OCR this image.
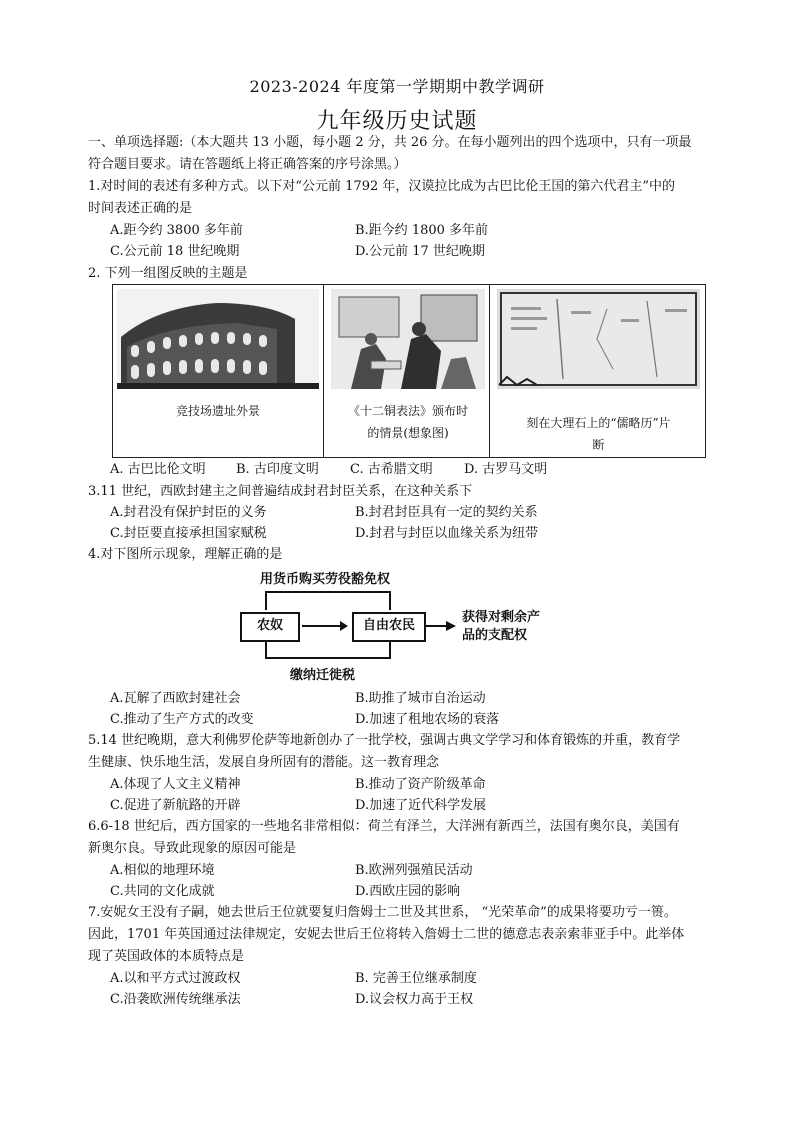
2023-2024 年度第一学期期中教学调研
九年级历史试题
一、单项选择题:（本大题共 13 小题，每小题 2 分，共 26 分。在每小题列出的四个选项中，只有一项最
符合题目要求。请在答题纸上将正确答案的序号涂黑。）
1.对时间的表述有多种方式。以下对“公元前 1792 年，汉谟拉比成为古巴比伦王国的第六代君主”中的
时间表述正确的是
A.距今约 3800 多年前	B.距今约 1800 多年前
C.公元前 18 世纪晚期	D.公元前 17 世纪晚期
2. 下列一组图反映的主题是
竞技场遗址外景	《十二铜表法》颁布时
的情景(想象图)
刻在大理石上的“儒略历”片
断
A. 古巴比伦文明 B. 古印度文明 C. 古希腊文明 D. 古罗马文明
3.11 世纪，西欧封建主之间普遍结成封君封臣关系，在这种关系下
A.封君没有保护封臣的义务	B.封君封臣具有一定的契约关系
C.封臣要直接承担国家赋税	D.封君与封臣以血缘关系为纽带
4.对下图所示现象，理解正确的是
用货币购买劳役豁免权
农奴	自由农民
获得对剩余产
品的支配权
缴纳迁徙税
A.瓦解了西欧封建社会	B.助推了城市自治运动
C.推动了生产方式的改变	D.加速了租地农场的衰落
5.14 世纪晚期，意大利佛罗伦萨等地新创办了一批学校，强调古典文学学习和体育锻炼的并重，教育学
生健康、快乐地生活，发展自身所固有的潜能。这一教育理念
A.体现了人文主义精神	B.推动了资产阶级革命
C.促进了新航路的开辟	D.加速了近代科学发展
6.6-18 世纪后，西方国家的一些地名非常相似：荷兰有泽兰，大洋洲有新西兰，法国有奥尔良，美国有
新奥尔良。导致此现象的原因可能是
A.相似的地理环境	B.欧洲列强殖民活动
C.共同的文化成就	D.西欧庄园的影响
7.安妮女王没有子嗣，她去世后王位就要复归詹姆士二世及其世系， “光荣革命”的成果将要功亏一篑。
因此，1701 年英国通过法律规定，安妮去世后王位将转入詹姆士二世的德意志表亲索菲亚手中。此举体
现了英国政体的本质特点是
A.以和平方式过渡政权	B. 完善王位继承制度
C.沿袭欧洲传统继承法	D.议会权力高于王权
